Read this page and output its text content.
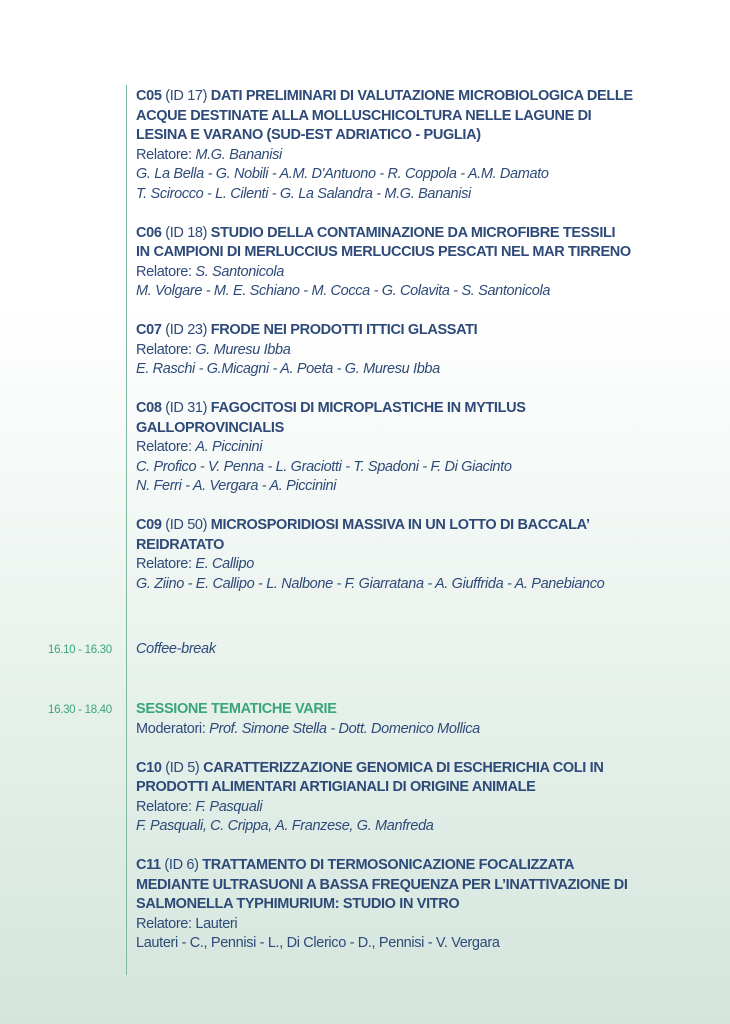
C05 (ID 17) DATI PRELIMINARI DI VALUTAZIONE MICROBIOLOGICA DELLE
ACQUE DESTINATE ALLA MOLLUSCHICOLTURA NELLE LAGUNE DI
LESINA E VARANO (SUD-EST ADRIATICO - PUGLIA)
Relatore: M.G. Bananisi
G. La Bella - G. Nobili - A.M. D'Antuono - R. Coppola - A.M. Damato
T. Scirocco - L. Cilenti - G. La Salandra - M.G. Bananisi
C06 (ID 18) STUDIO DELLA CONTAMINAZIONE DA MICROFIBRE TESSILI
IN CAMPIONI DI MERLUCCIUS MERLUCCIUS PESCATI NEL MAR TIRRENO
Relatore: S. Santonicola
M. Volgare - M. E. Schiano - M. Cocca - G. Colavita - S. Santonicola
C07 (ID 23) FRODE NEI PRODOTTI ITTICI GLASSATI
Relatore: G. Muresu Ibba
E. Raschi - G.Micagni - A. Poeta - G. Muresu Ibba
C08 (ID 31) FAGOCITOSI DI MICROPLASTICHE IN MYTILUS
GALLOPROVINCIALIS
Relatore: A. Piccinini
C. Profico - V. Penna - L. Graciotti - T. Spadoni - F. Di Giacinto
N. Ferri - A. Vergara - A. Piccinini
C09 (ID 50) MICROSPORIDIOSI MASSIVA IN UN LOTTO DI BACCALA’
REIDRATATO
Relatore: E. Callipo
G. Ziino - E. Callipo - L. Nalbone - F. Giarratana - A. Giuffrida - A. Panebianco
16.10 - 16.30 Coffee-break
16.30 - 18.40 SESSIONE TEMATICHE VARIE
Moderatori: Prof. Simone Stella - Dott. Domenico Mollica
C10 (ID 5) CARATTERIZZAZIONE GENOMICA DI ESCHERICHIA COLI IN
PRODOTTI ALIMENTARI ARTIGIANALI DI ORIGINE ANIMALE
Relatore: F. Pasquali
F. Pasquali, C. Crippa, A. Franzese, G. Manfreda
C11 (ID 6) TRATTAMENTO DI TERMOSONICAZIONE FOCALIZZATA
MEDIANTE ULTRASUONI A BASSA FREQUENZA PER L’INATTIVAZIONE DI
SALMONELLA TYPHIMURIUM: STUDIO IN VITRO
Relatore: Lauteri
Lauteri - C., Pennisi - L., Di Clerico - D., Pennisi - V. Vergara
